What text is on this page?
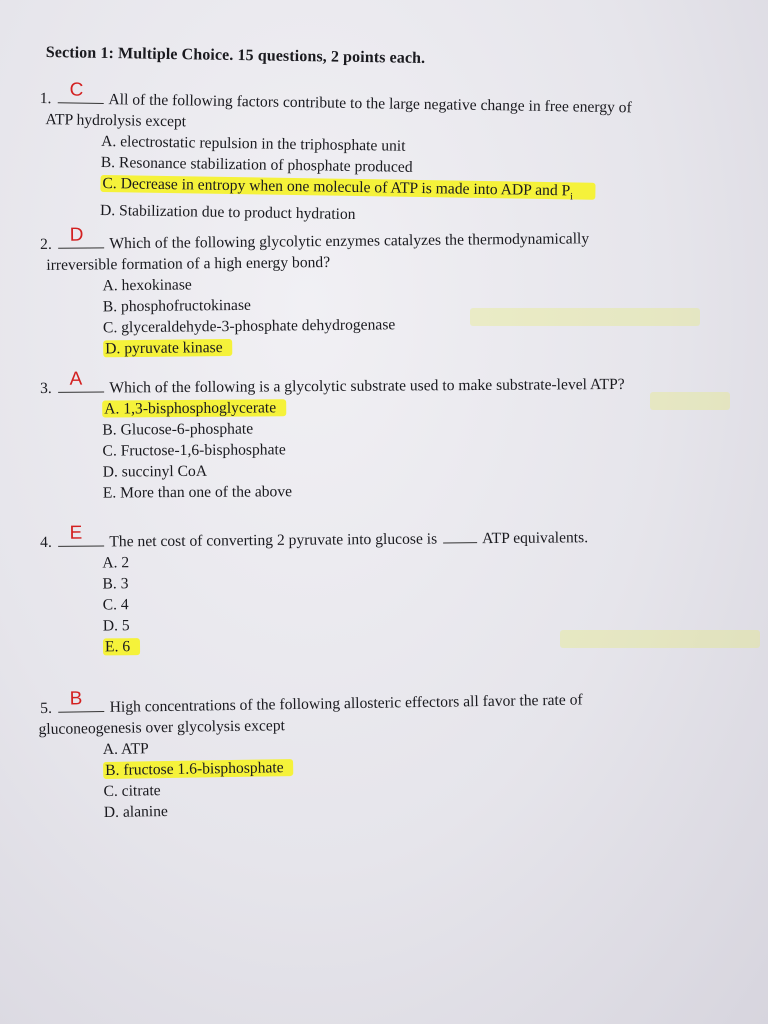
Section 1: Multiple Choice. 15 questions, 2 points each.
1. C
All of the following factors contribute to the large negative change in free energy of
ATP hydrolysis except
A. electrostatic repulsion in the triphosphate unit
B. Resonance stabilization of phosphate produced
C. Decrease in entropy when one molecule of ATP is made into ADP and $P_i$
D. Stabilization due to product hydration
2. D Which of the following glycolytic enzymes catalyzes the thermodynamically
irreversible formation of a high energy bond?
A. hexokinase
B. phosphofructokinase
C. glyceraldehyde-3-phosphate dehydrogenase
D. pyruvate kinase
3. A Which of the following is a glycolytic substrate used to make substrate-level ATP?
A. 1,3-bisphosphoglycerate
B. Glucose-6-phosphate
C. Fructose-1,6-bisphosphate
D. succinyl CoA
E. More than one of the above
4. E The net cost of converting 2 pyruvate into glucose is	ATP equivalents.
A. 2
B. 3
C. 4
D. 5
E. 6
5. B High concentrations of the following allosteric effectors all favor the rate of
gluconeogenesis over glycolysis except
A. ATP
B. fructose 1.6-bisphosphate
C. citrate
D. alanine
